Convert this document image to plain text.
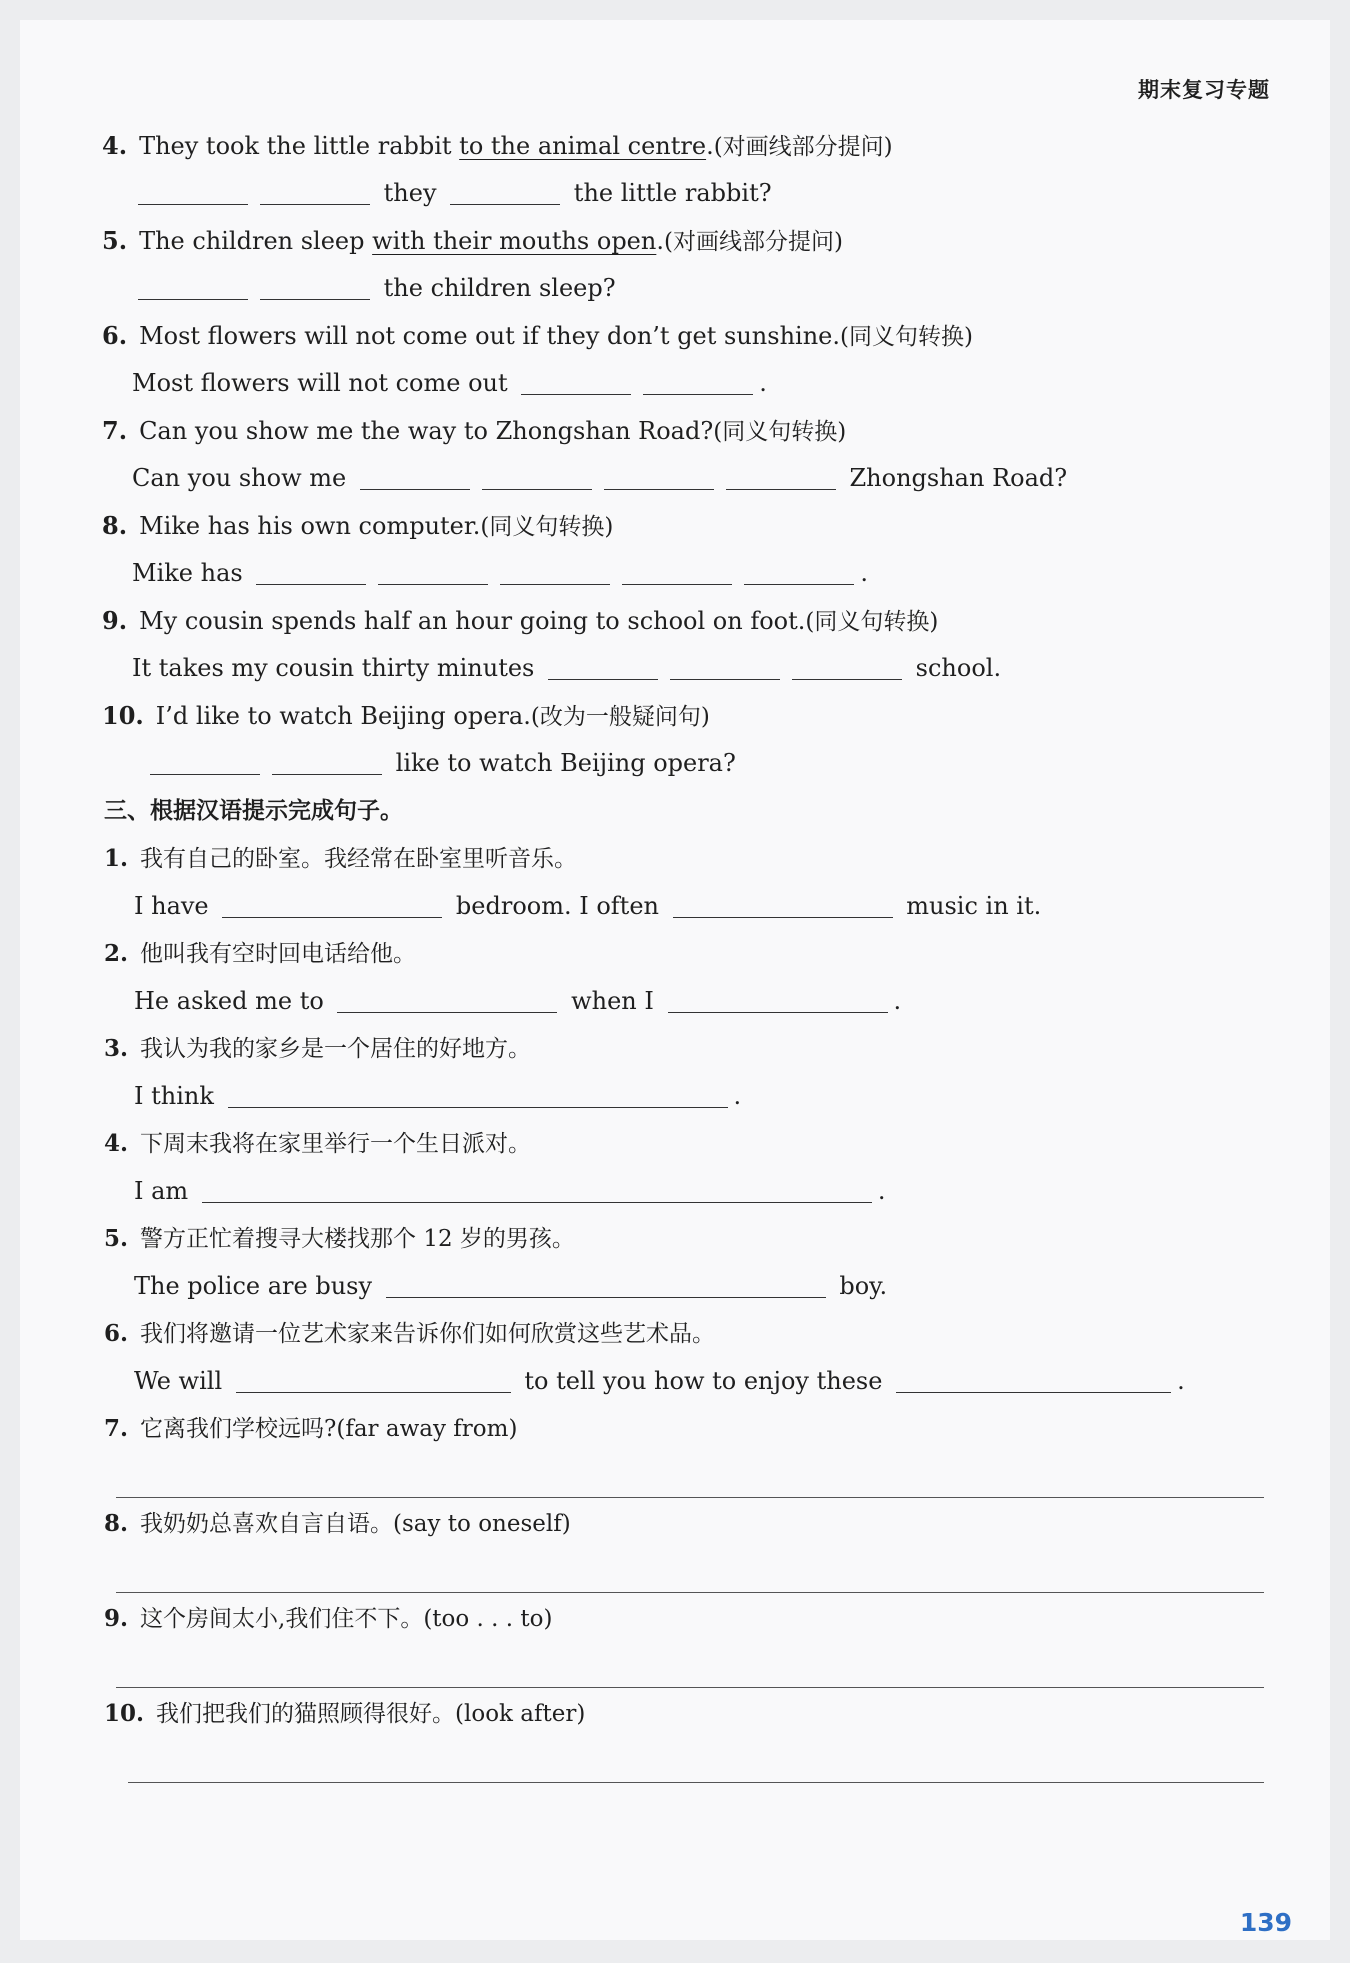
期末复习专题
4. They took the little rabbit to the animal centre.(对画线部分提问)
they	the little rabbit?
5. The children sleep with their mouths open.(对画线部分提问)
the children sleep?
6. Most flowers will not come out if they don’t get sunshine.(同义句转换)
Most flowers will not come out	.
7. Can you show me the way to Zhongshan Road?(同义句转换)
Can you show me	Zhongshan Road?
8. Mike has his own computer.(同义句转换)
Mike has	.
9. My cousin spends half an hour going to school on foot.(同义句转换)
It takes my cousin thirty minutes	school.
10. I’d like to watch Beijing opera.(改为一般疑问句)
like to watch Beijing opera?
三、根据汉语提示完成句子。
1. 我有自己的卧室。我经常在卧室里听音乐。
I have	bedroom. I often	music in it.
2. 他叫我有空时回电话给他。
He asked me to	when I	.
3. 我认为我的家乡是一个居住的好地方。
I think	.
4. 下周末我将在家里举行一个生日派对。
I am	.
5. 警方正忙着搜寻大楼找那个 12 岁的男孩。
The police are busy	boy.
6. 我们将邀请一位艺术家来告诉你们如何欣赏这些艺术品。
We will	to tell you how to enjoy these	.
7. 它离我们学校远吗?(far away from)
8. 我奶奶总喜欢自言自语。(say to oneself)
9. 这个房间太小,我们住不下。(too . . . to)
10. 我们把我们的猫照顾得很好。(look after)
139
